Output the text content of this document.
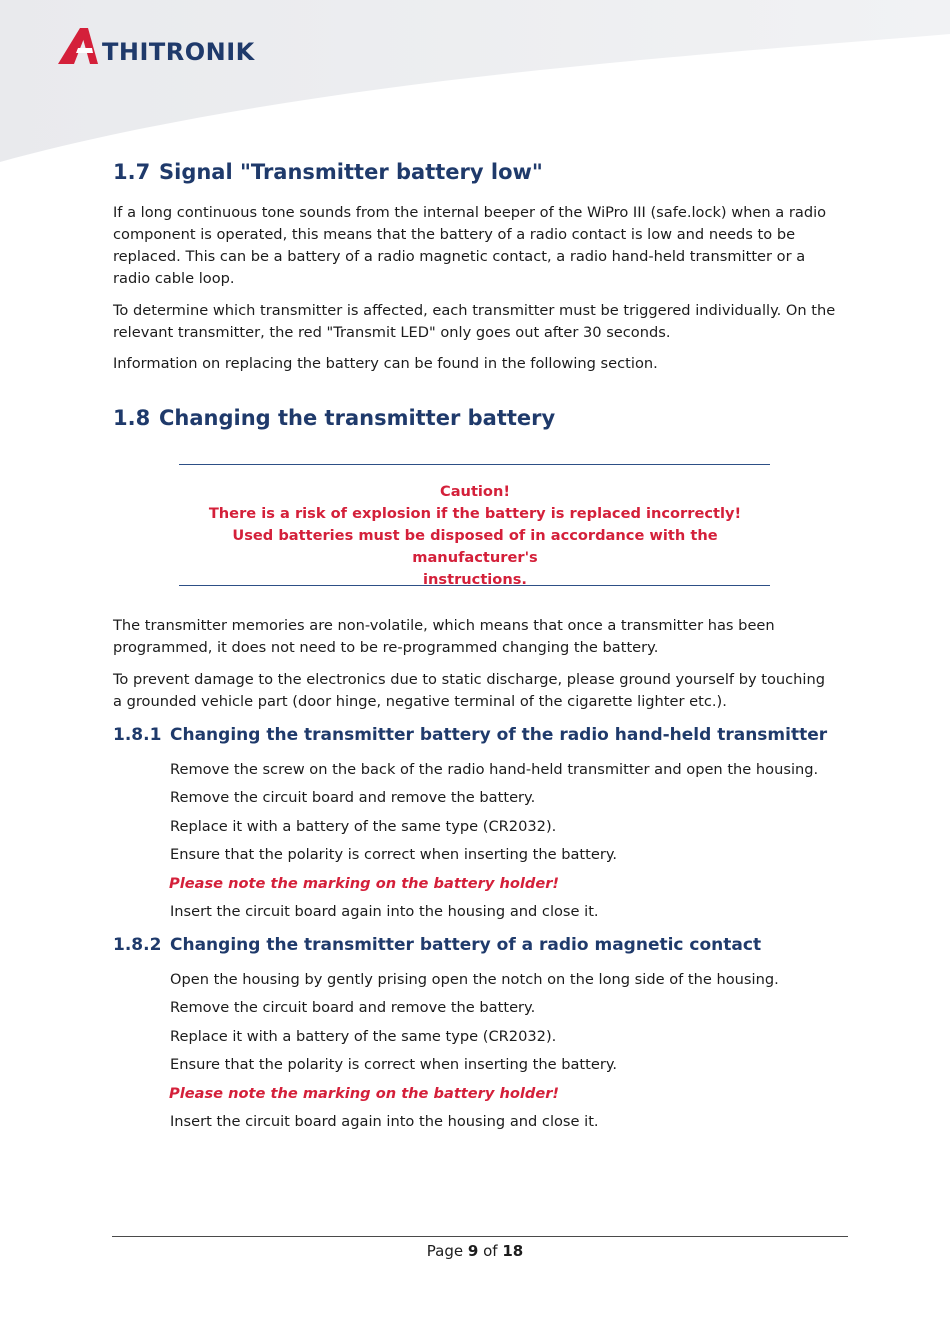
THITRONIK
1.7 Signal "Transmitter battery low"

If a long continuous tone sounds from the internal beeper of the WiPro III (safe.lock) when a radio component is operated, this means that the battery of a radio contact is low and needs to be replaced. This can be a battery of a radio magnetic contact, a radio hand-held transmitter or a radio cable loop.

To determine which transmitter is affected, each transmitter must be triggered individually. On the relevant transmitter, the red "Transmit LED" only goes out after 30 seconds.

Information on replacing the battery can be found in the following section.

1.8 Changing the transmitter battery
Caution!
There is a risk of explosion if the battery is replaced incorrectly!
Used batteries must be disposed of in accordance with the manufacturer's
instructions.

The transmitter memories are non-volatile, which means that once a transmitter has been programmed, it does not need to be re-programmed changing the battery.

To prevent damage to the electronics due to static discharge, please ground yourself by touching a grounded vehicle part (door hinge, negative terminal of the cigarette lighter etc.).

1.8.1 Changing the transmitter battery of the radio hand-held transmitter

Remove the screw on the back of the radio hand-held transmitter and open the housing.

Remove the circuit board and remove the battery.

Replace it with a battery of the same type (CR2032).

Ensure that the polarity is correct when inserting the battery.

Please note the marking on the battery holder!

Insert the circuit board again into the housing and close it.

1.8.2 Changing the transmitter battery of a radio magnetic contact

Open the housing by gently prising open the notch on the long side of the housing.

Remove the circuit board and remove the battery.

Replace it with a battery of the same type (CR2032).

Ensure that the polarity is correct when inserting the battery.

Please note the marking on the battery holder!

Insert the circuit board again into the housing and close it.

Page 9 of 18
